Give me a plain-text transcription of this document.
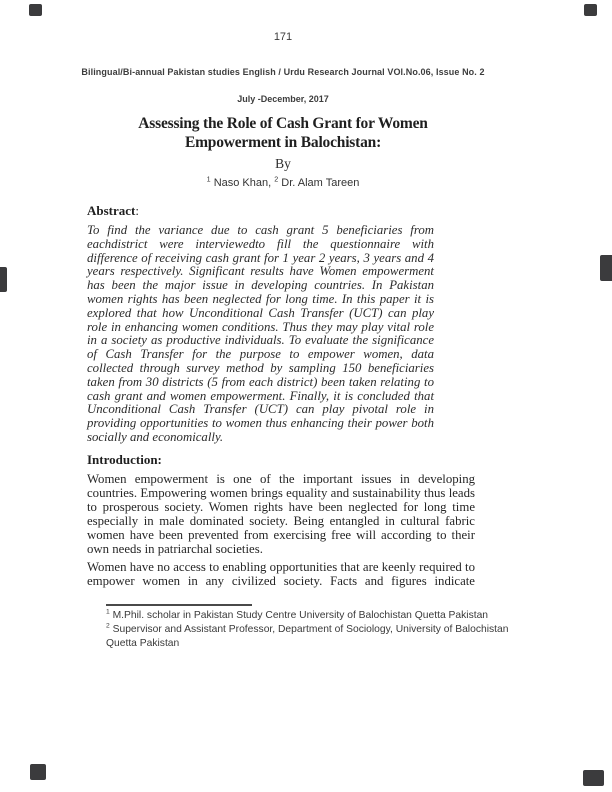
171
Bilingual/Bi-annual Pakistan studies English / Urdu Research Journal VOl.No.06, Issue No. 2
July -December, 2017
Assessing the Role of Cash Grant for Women
Empowerment in Balochistan:
By
$^1$ Naso Khan, $^2$ Dr. Alam Tareen
Abstract:
To find the variance due to cash grant 5 beneficiaries from eachdistrict were interviewedto fill the questionnaire with difference of receiving cash grant for 1 year 2 years, 3 years and 4 years respectively. Significant results have Women empowerment has been the major issue in developing countries. In Pakistan women rights has been neglected for long time. In this paper it is explored that how Unconditional Cash Transfer (UCT) can play role in enhancing women conditions. Thus they may play vital role in a society as productive individuals. To evaluate the significance of Cash Transfer for the purpose to empower women, data collected through survey method by sampling 150 beneficiaries taken from 30 districts (5 from each district) been taken relating to cash grant and women empowerment. Finally, it is concluded that Unconditional Cash Transfer (UCT) can play pivotal role in providing opportunities to women thus enhancing their power both socially and economically.
Introduction:
Women empowerment is one of the important issues in developing countries. Empowering women brings equality and sustainability thus leads to prosperous society. Women rights have been neglected for long time especially in male dominated society. Being entangled in cultural fabric women have been prevented from exercising free will according to their own needs in patriarchal societies.
Women have no access to enabling opportunities that are keenly required to empower women in any civilized society. Facts and figures indicate
$^1$ M.Phil. scholar in Pakistan Study Centre University of Balochistan Quetta Pakistan
$^2$ Supervisor and Assistant Professor, Department of Sociology, University of Balochistan Quetta Pakistan
